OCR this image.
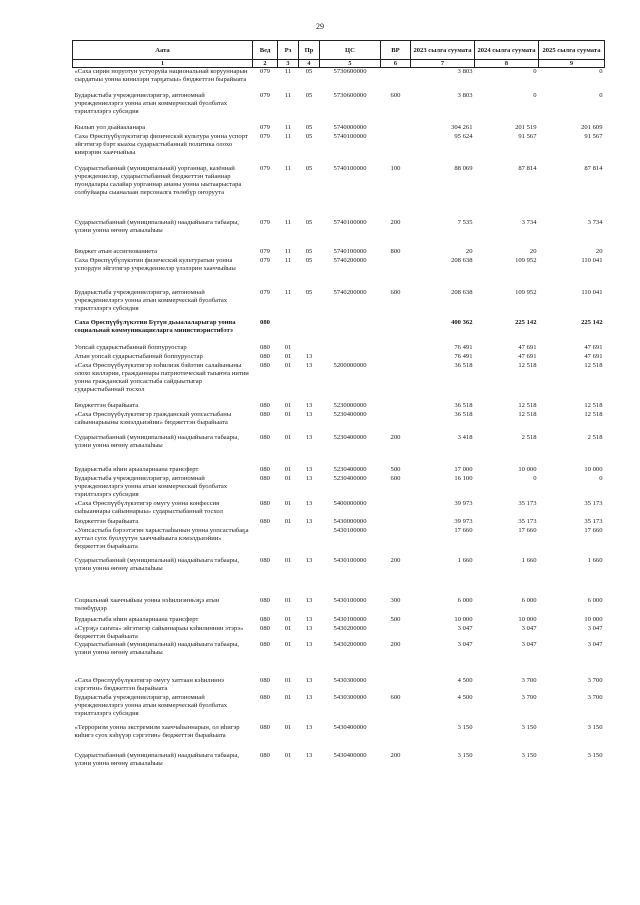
29
Аата	Вед	Рз	Пр	ЦС	ВР	2023 сылга суумата	2024 сылга суумата	2025 сылга суумата
1	2	3	4	5	6	7	8	9
«Саха сирин норуотун устуоруйа национальнай корууннарын сырдатыы уонна кинилэри тарҕатыы» бюджеттэн бырайыата	079	11	05	5730600000		3 803	0	0
Бударыстыба учреждениелэригэр, автономнай учреждениелэргэ уонна атын коммерческай буолбатах тэрилтэлэргэ субсидия	079	11	05	5730600000	600	3 803	0	0
Кылып уол дьайааланара	079	11	05	5740000000		304 261	201 519	201 609
Саха Өрөспүүбүлүкэтигэр физическэй культура уонна успорт эйгэтигэр бэрт кыахы сударыстыбаннай политика олохо киирэрин хааччыйыы	079	11	05	5740100000		95 624	91 567	91 567
Сударыстыбаннай (муниципальнай) уорганнар, казённай учреждениелэр, сударыстыбаннай бюджеттэн тайаннар пуондалары салайар уорганнар ананы уонна ыытаарыстара солбуйаары сыаналаан персоналга төлөбүр оҥоруута	079	11	05	5740100000	100	88 069	87 814	87 814
Сударыстыбаннай (муниципальнай) наадыйыыга табаары, үлэни уонна өҥөнү атыылаһыы	079	11	05	5740100000	200	7 535	3 734	3 734
Бюджет атын ассигнованиета	079	11	05	5740100000	800	20	20	20
Саха Өрөспүүбүлүкэтин физическэй культуратын уонна успордун эйгэтигэр учреждениелэр үлэлэрин хааччыйыы	079	11	05	5740200000		208 638	109 952	110 041
Бударыстыба учреждениелэригэр, автономнай учреждениелэргэ уонна атын коммерческай буолбатах тэрилтэлэргэ субсидия	079	11	05	5740200000	600	208 638	109 952	110 041
Саха Өрөспүүбүлүкэтин Бүтүн дьыалаларыгар уонна социальнай коммуникациеларга министиэристибэтэ	080					400 362	225 142	225 142
Уопсай сударыстыбаннай боппуруостар	080	01				76 491	47 691	47 691
Атын уопсай сударыстыбаннай боппуруостар	080	01	13			76 491	47 691	47 691
«Саха Өрөспүүбүлүкэтигэр нэһилиэк бэйэтин салайыныны олохо киллэрии, гражданнары патриотическай тыыҥҥа иитии уонна гражданскай уопсастыба сайдыытыгар сударыстыбаннай тосхол	080	01	13	5200000000		36 518	12 518	12 518
Бюджеттэн бырайыата	080	01	13	5230000000		36 518	12 518	12 518
«Саха Өрөспүүбүлүкэтигэр гражданскай уопсастыбаны сайыннарыыны кэмэлдьиэйии» бюджеттэн бырайыата	080	01	13	5230400000		36 518	12 518	12 518
Сударыстыбаннай (муниципальнай) наадыйыыга табаары, үлэни уонна өҥөнү атыылаһыы	080	01	13	5230400000	200	3 418	2 518	2 518
Бударыстыба иһин арыаларнаана трансферт	080	01	13	5230400000	500	17 000	10 000	10 000
Бударыстыба учреждениелэригэр, автономнай учреждениелэргэ уонна атын коммерческай буолбатах тэрилтэлэргэ субсидия	080	01	13	5230400000	600	16 100	0	0
«Саха Өрөспүүбүлүкэтигэр омугу уонна конфессия сыһыаннары сайыннарыы» сударыстыбаннай тосхол	080	01	13	5400000000		39 973	35 173	35 173
Бюджеттэн бырайыата	080	01	13	5430000000		39 973	35 173	35 173
«Уопсастыба бэрээтэгин харыстааһынын уонна уопсастыбаҕа куттал суох буолуутун хааччыйыыга кэмэлдьиэйии» бюджеттэн бырайыата				5430100000		17 660	17 660	17 660
Сударыстыбаннай (муниципальнай) наадыйыыга табаары, үлэни уонна өҥөнү атыылаһыы	080	01	13	5430100000	200	1 660	1 660	1 660
Социальнай хааччыйыы уонна нэһилиэнньэҕэ атын төлөбүрдэр	080	01	13	5430100000	300	6 000	6 000	6 000
Бударыстыба иһин арыаларнаана трансферт	080	01	13	5430100000	500	10 000	10 000	10 000
«Сүрэҕэ саҥата» эйгэтигэр сайыннарыы кэһилиннин этэрэ» бюджеттэн бырайыата	080	01	13	5430200000		3 047	3 047	3 047
Сударыстыбаннай (муниципальнай) наадыйыыга табаары, үлэни уонна өҥөнү атыылаһыы	080	01	13	5430200000	200	3 047	3 047	3 047
«Саха Өрөспүүбүлүкэтигэр омугу хаттаан кэһилиннэ сэргэтин» бюджеттэн бырайыата	080	01	13	5430300000		4 500	3 700	3 700
Бударыстыба учреждениелэригэр, автономнай учреждениелэргэ уонна атын коммерческай буолбатах тэрилтэлэргэ субсидия	080	01	13	5430300000	600	4 500	3 700	3 700
«Терроризм уонна экстремизм хааччаһыннарын, ол иһигэр киһигэ суох кэһүүэр сэргэтин» бюджеттэн бырайыата	080	01	13	5430400000		3 150	3 150	3 150
Сударыстыбаннай (муниципальнай) наадыйыыга табаары, үлэни уонна өҥөнү атыылаһыы	080	01	13	5430400000	200	3 150	3 150	3 150
